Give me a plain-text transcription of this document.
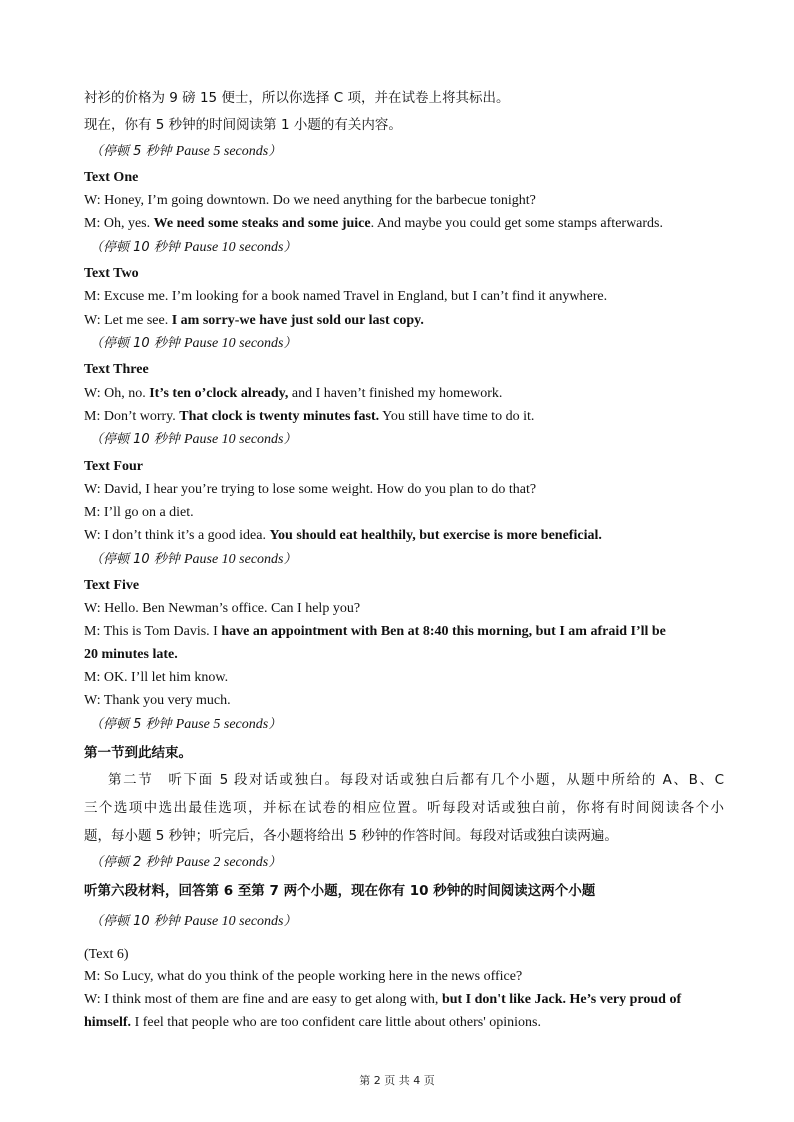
衬衫的价格为 9 磅 15 便士，所以你选择 C 项，并在试卷上将其标出。

现在，你有 5 秒钟的时间阅读第 1 小题的有关内容。

（停顿 5 秒钟 Pause 5 seconds）

Text One

W: Honey, I’m going downtown. Do we need anything for the barbecue tonight?

M: Oh, yes. We need some steaks and some juice. And maybe you could get some stamps afterwards.

（停顿 10 秒钟 Pause 10 seconds）

Text Two

M: Excuse me. I’m looking for a book named Travel in England, but I can’t find it anywhere.

W: Let me see. I am sorry-we have just sold our last copy.

（停顿 10 秒钟 Pause 10 seconds）

Text Three

W: Oh, no. It’s ten o’clock already, and I haven’t finished my homework.

M: Don’t worry. That clock is twenty minutes fast. You still have time to do it.

（停顿 10 秒钟 Pause 10 seconds）

Text Four

W: David, I hear you’re trying to lose some weight. How do you plan to do that?

M: I’ll go on a diet.

W: I don’t think it’s a good idea. You should eat healthily, but exercise is more beneficial.

（停顿 10 秒钟 Pause 10 seconds）

Text Five

W: Hello. Ben Newman’s office. Can I help you?

M: This is Tom Davis. I have an appointment with Ben at 8:40 this morning, but I am afraid I’ll be

20 minutes late.

M: OK. I’ll let him know.

W: Thank you very much.

（停顿 5 秒钟 Pause 5 seconds）

第一节到此结束。

第二节　听下面 5 段对话或独白。每段对话或独白后都有几个小题，从题中所给的 A、B、C

三个选项中选出最佳选项，并标在试卷的相应位置。听每段对话或独白前，你将有时间阅读各个小

题，每小题 5 秒钟；听完后，各小题将给出 5 秒钟的作答时间。每段对话或独白读两遍。

（停顿 2 秒钟 Pause 2 seconds）

听第六段材料，回答第 6 至第 7 两个小题，现在你有 10 秒钟的时间阅读这两个小题

（停顿 10 秒钟 Pause 10 seconds）

(Text 6)

M: So Lucy, what do you think of the people working here in the news office?

W: I think most of them are fine and are easy to get along with, but I don't like Jack. He’s very proud of

himself. I feel that people who are too confident care little about others' opinions.

第 2 页 共 4 页
